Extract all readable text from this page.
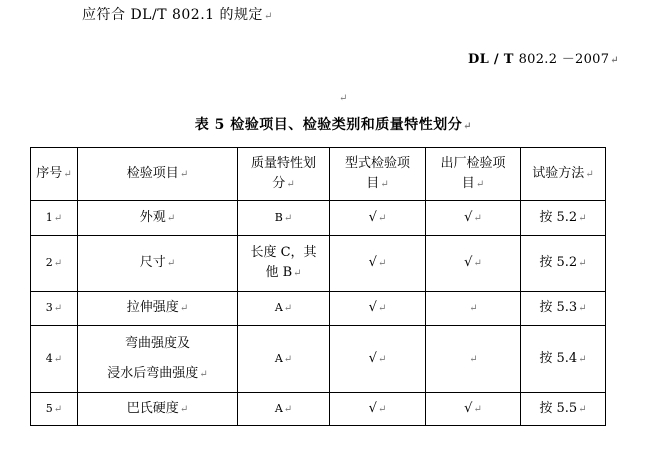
应符合 DL/T 802.1 的规定↵
DL / T 802.2 －2007↵
↵
表 5 检验项目、检验类别和质量特性划分↵
序号↵	检验项目↵	质量特性划
分↵	型式检验项
目↵	出厂检验项
目↵	试验方法↵
1↵	外观↵	B↵	√↵	√↵	按 5.2↵
2↵	尺寸↵	长度 C，其
他 B↵	√↵	√↵	按 5.2↵
3↵	拉伸强度↵	A↵	√↵	↵	按 5.3↵
4↵	弯曲强度及
浸水后弯曲强度↵	A↵	√↵	↵	按 5.4↵
5↵	巴氏硬度↵	A↵	√↵	√↵	按 5.5↵
